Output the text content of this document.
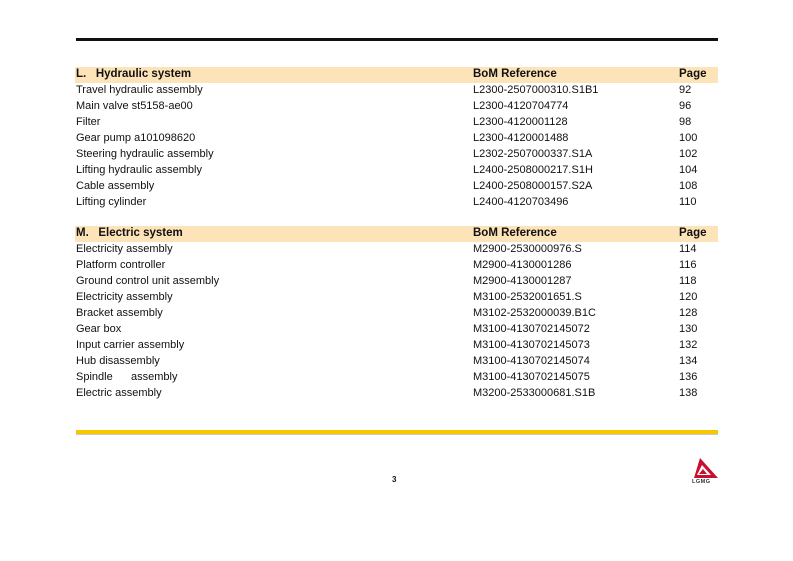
L. Hydraulic system	BoM Reference	Page
Travel hydraulic assembly	L2300-2507000310.S1B1	92
Main valve st5158-ae00	L2300-4120704774	96
Filter	L2300-4120001128	98
Gear pump a101098620	L2300-4120001488	100
Steering hydraulic assembly	L2302-2507000337.S1A	102
Lifting hydraulic assembly	L2400-2508000217.S1H	104
Cable assembly	L2400-2508000157.S2A	108
Lifting cylinder	L2400-4120703496	110
M. Electric system	BoM Reference	Page
Electricity assembly	M2900-2530000976.S	114
Platform controller	M2900-4130001286	116
Ground control unit assembly	M2900-4130001287	118
Electricity assembly	M3100-2532001651.S	120
Bracket assembly	M3102-2532000039.B1C	128
Gear box	M3100-4130702145072	130
Input carrier assembly	M3100-4130702145073	132
Hub disassembly	M3100-4130702145074	134
Spindle      assembly	M3100-4130702145075	136
Electric assembly	M3200-2533000681.S1B	138
3	LGMG
